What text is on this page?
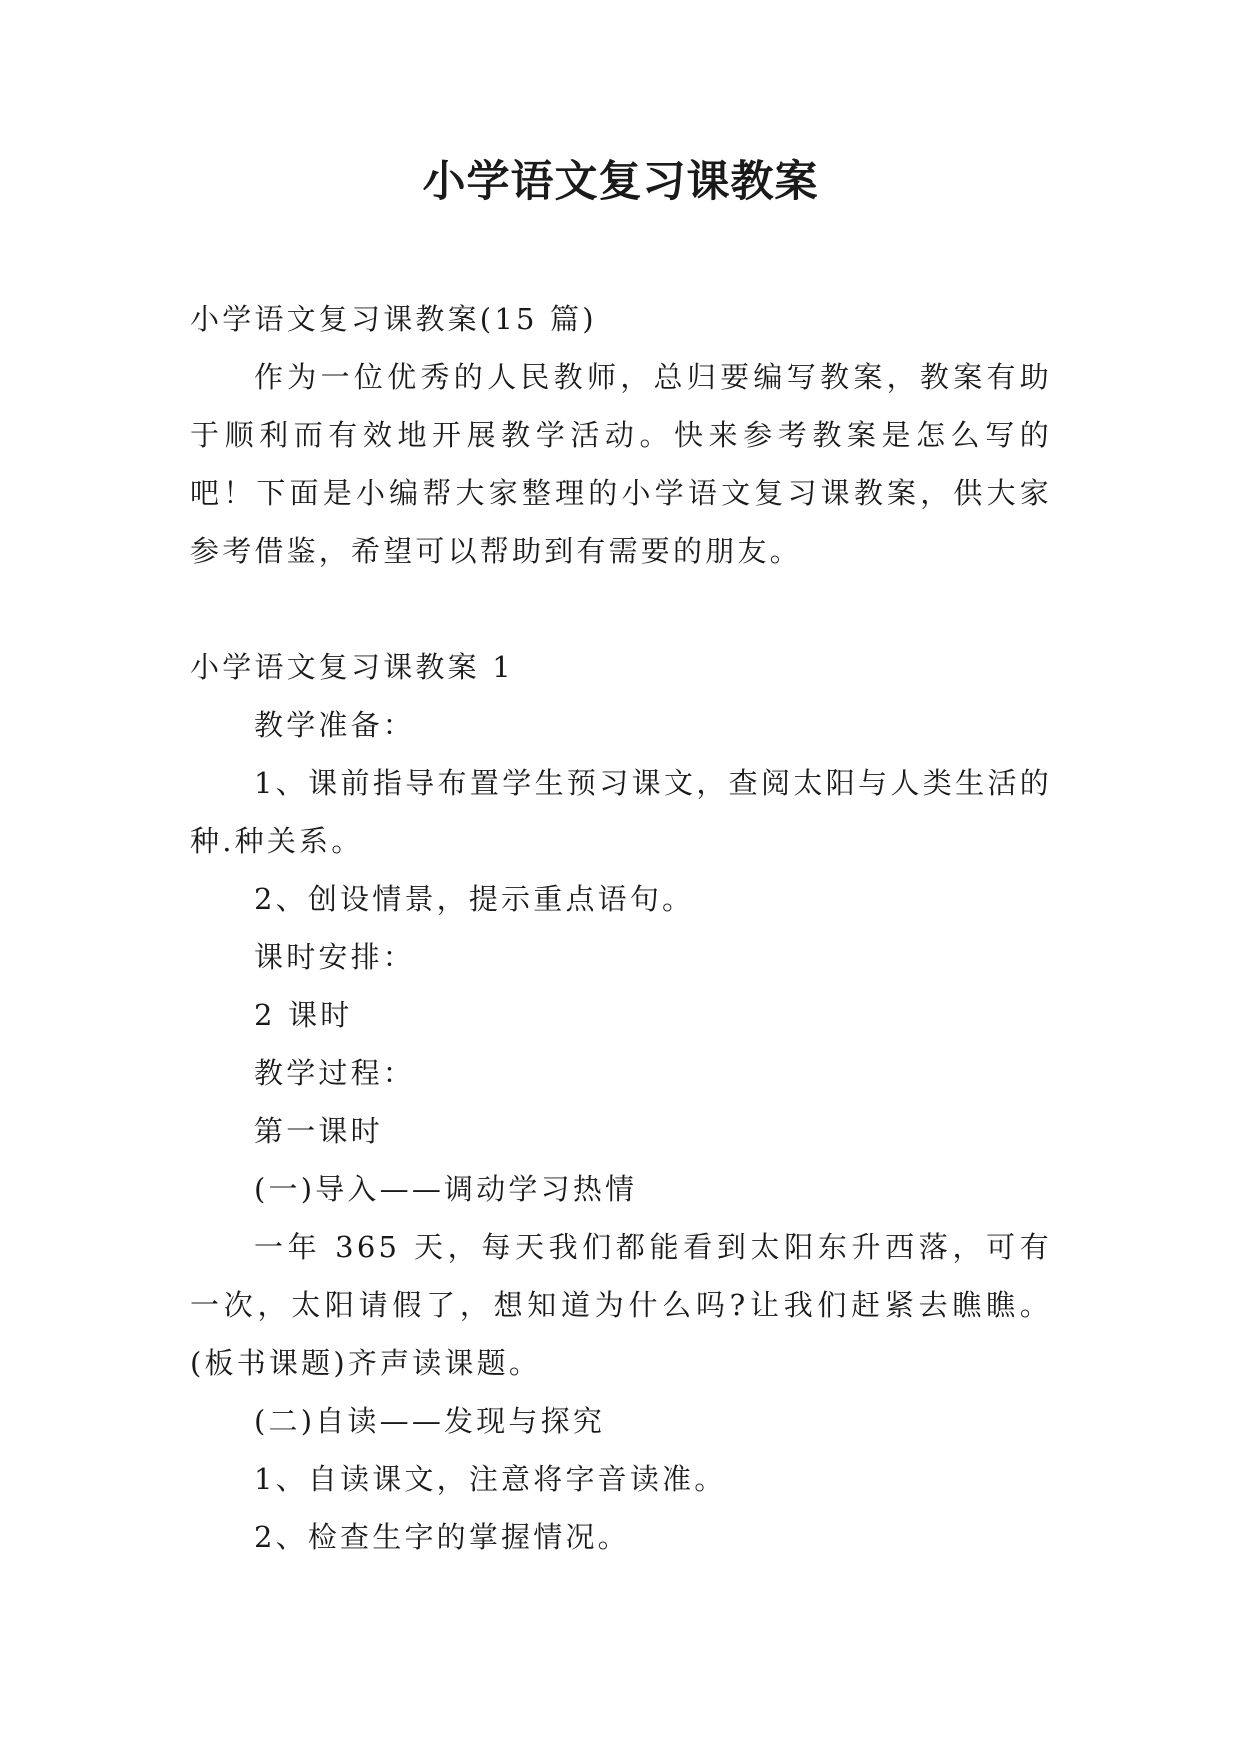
小学语文复习课教案

小学语文复习课教案(15 篇)

作为一位优秀的人民教师，总归要编写教案，教案有助于顺利而有效地开展教学活动。快来参考教案是怎么写的吧！下面是小编帮大家整理的小学语文复习课教案，供大家参考借鉴，希望可以帮助到有需要的朋友。

小学语文复习课教案 1

教学准备：

1、课前指导布置学生预习课文，查阅太阳与人类生活的种.种关系。

2、创设情景，提示重点语句。

课时安排：

2 课时

教学过程：

第一课时

(一)导入——调动学习热情

一年 365 天，每天我们都能看到太阳东升西落，可有一次，太阳请假了，想知道为什么吗?让我们赶紧去瞧瞧。(板书课题)齐声读课题。

(二)自读——发现与探究

1、自读课文，注意将字音读准。

2、检查生字的掌握情况。
